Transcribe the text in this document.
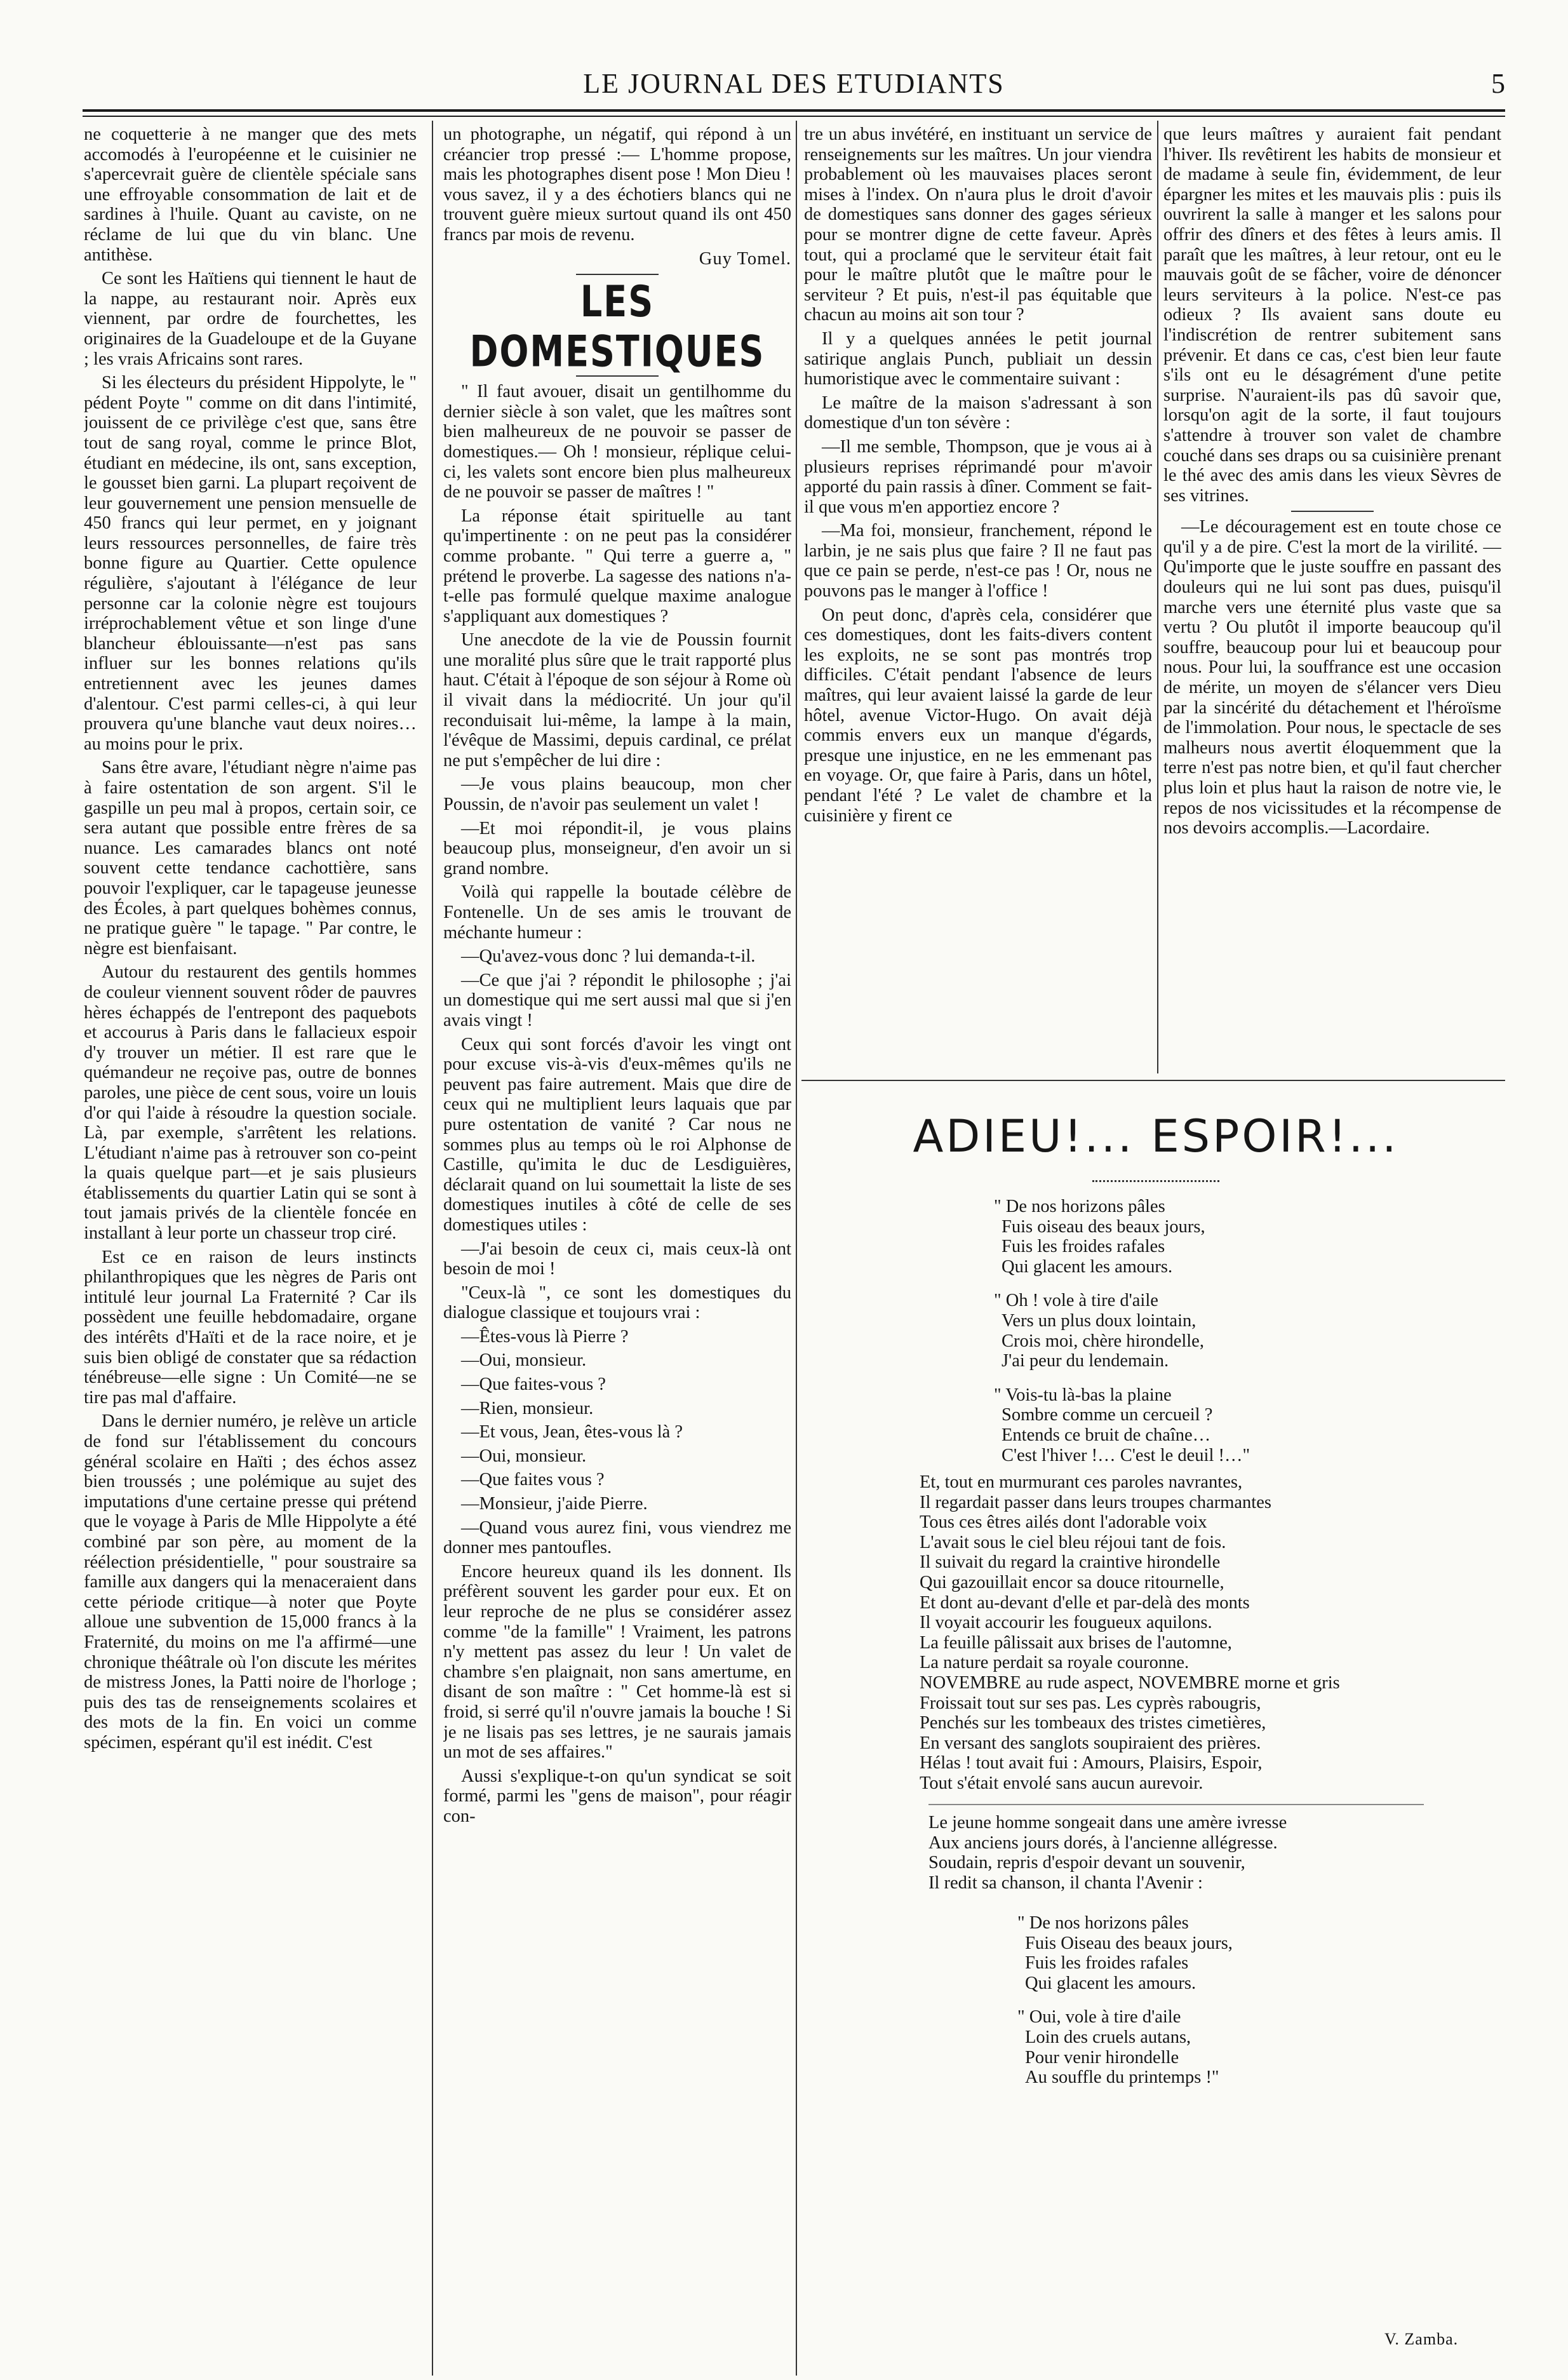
LE JOURNAL DES ETUDIANTS	5

ne coquetterie à ne manger que des mets accomodés à l'européenne et le cuisinier ne s'apercevrait guère de clientèle spéciale sans une effroyable consommation de lait et de sardines à l'huile. Quant au caviste, on ne réclame de lui que du vin blanc. Une antithèse.

Ce sont les Haïtiens qui tiennent le haut de la nappe, au restaurant noir. Après eux viennent, par ordre de fourchettes, les originaires de la Guadeloupe et de la Guyane ; les vrais Africains sont rares.

Si les électeurs du président Hippolyte, le " pédent Poyte " comme on dit dans l'intimité, jouissent de ce privilège c'est que, sans être tout de sang royal, comme le prince Blot, étudiant en médecine, ils ont, sans exception, le gousset bien garni. La plupart reçoivent de leur gouvernement une pension mensuelle de 450 francs qui leur permet, en y joignant leurs ressources personnelles, de faire très bonne figure au Quartier. Cette opulence régulière, s'ajoutant à l'élégance de leur personne car la colonie nègre est toujours irréprochablement vêtue et son linge d'une blancheur éblouissante—n'est pas sans influer sur les bonnes relations qu'ils entretiennent avec les jeunes dames d'alentour. C'est parmi celles-ci, à qui leur prouvera qu'une blanche vaut deux noires… au moins pour le prix.

Sans être avare, l'étudiant nègre n'aime pas à faire ostentation de son argent. S'il le gaspille un peu mal à propos, certain soir, ce sera autant que possible entre frères de sa nuance. Les camarades blancs ont noté souvent cette tendance cachottière, sans pouvoir l'expliquer, car le tapageuse jeunesse des Écoles, à part quelques bohèmes connus, ne pratique guère " le tapage. " Par contre, le nègre est bienfaisant.

Autour du restaurent des gentils hommes de couleur viennent souvent rôder de pauvres hères échappés de l'entrepont des paquebots et accourus à Paris dans le fallacieux espoir d'y trouver un métier. Il est rare que le quémandeur ne reçoive pas, outre de bonnes paroles, une pièce de cent sous, voire un louis d'or qui l'aide à résoudre la question sociale. Là, par exemple, s'arrêtent les relations. L'étudiant n'aime pas à retrouver son co-peint la quais quelque part—et je sais plusieurs établissements du quartier Latin qui se sont à tout jamais privés de la clientèle foncée en installant à leur porte un chasseur trop ciré.

Est ce en raison de leurs instincts philanthropiques que les nègres de Paris ont intitulé leur journal La Fraternité ? Car ils possèdent une feuille hebdomadaire, organe des intérêts d'Haïti et de la race noire, et je suis bien obligé de constater que sa rédaction ténébreuse—elle signe : Un Comité—ne se tire pas mal d'affaire.

Dans le dernier numéro, je relève un article de fond sur l'établissement du concours général scolaire en Haïti ; des échos assez bien troussés ; une polémique au sujet des imputations d'une certaine presse qui prétend que le voyage à Paris de Mlle Hippolyte a été combiné par son père, au moment de la réélection présidentielle, " pour soustraire sa famille aux dangers qui la menaceraient dans cette période critique—à noter que Poyte alloue une subvention de 15,000 francs à la Fraternité, du moins on me l'a affirmé—une chronique théâtrale où l'on discute les mérites de mistress Jones, la Patti noire de l'horloge ; puis des tas de renseignements scolaires et des mots de la fin. En voici un comme spécimen, espérant qu'il est inédit. C'est

un photographe, un négatif, qui répond à un créancier trop pressé :— L'homme propose, mais les photographes disent pose ! Mon Dieu ! vous savez, il y a des échotiers blancs qui ne trouvent guère mieux surtout quand ils ont 450 francs par mois de revenu.

Guy Tomel.

LES DOMESTIQUES

" Il faut avouer, disait un gentilhomme du dernier siècle à son valet, que les maîtres sont bien malheureux de ne pouvoir se passer de domestiques.— Oh ! monsieur, réplique celui-ci, les valets sont encore bien plus malheureux de ne pouvoir se passer de maîtres ! "

La réponse était spirituelle au tant qu'impertinente : on ne peut pas la considérer comme probante. " Qui terre a guerre a, " prétend le proverbe. La sagesse des nations n'a-t-elle pas formulé quelque maxime analogue s'appliquant aux domestiques ?

Une anecdote de la vie de Poussin fournit une moralité plus sûre que le trait rapporté plus haut. C'était à l'époque de son séjour à Rome où il vivait dans la médiocrité. Un jour qu'il reconduisait lui-même, la lampe à la main, l'évêque de Massimi, depuis cardinal, ce prélat ne put s'empêcher de lui dire :

—Je vous plains beaucoup, mon cher Poussin, de n'avoir pas seulement un valet !

—Et moi répondit-il, je vous plains beaucoup plus, monseigneur, d'en avoir un si grand nombre.

Voilà qui rappelle la boutade célèbre de Fontenelle. Un de ses amis le trouvant de méchante humeur :

—Qu'avez-vous donc ? lui demanda-t-il.

—Ce que j'ai ? répondit le philosophe ; j'ai un domestique qui me sert aussi mal que si j'en avais vingt !

Ceux qui sont forcés d'avoir les vingt ont pour excuse vis-à-vis d'eux-mêmes qu'ils ne peuvent pas faire autrement. Mais que dire de ceux qui ne multiplient leurs laquais que par pure ostentation de vanité ? Car nous ne sommes plus au temps où le roi Alphonse de Castille, qu'imita le duc de Lesdiguières, déclarait quand on lui soumettait la liste de ses domestiques inutiles à côté de celle de ses domestiques utiles :

—J'ai besoin de ceux ci, mais ceux-là ont besoin de moi !

"Ceux-là ", ce sont les domestiques du dialogue classique et toujours vrai :

—Êtes-vous là Pierre ?

—Oui, monsieur.

—Que faites-vous ?

—Rien, monsieur.

—Et vous, Jean, êtes-vous là ?

—Oui, monsieur.

—Que faites vous ?

—Monsieur, j'aide Pierre.

—Quand vous aurez fini, vous viendrez me donner mes pantoufles.

Encore heureux quand ils les donnent. Ils préfèrent souvent les garder pour eux. Et on leur reproche de ne plus se considérer assez comme "de la famille" ! Vraiment, les patrons n'y mettent pas assez du leur ! Un valet de chambre s'en plaignait, non sans amertume, en disant de son maître : " Cet homme-là est si froid, si serré qu'il n'ouvre jamais la bouche ! Si je ne lisais pas ses lettres, je ne saurais jamais un mot de ses affaires."

Aussi s'explique-t-on qu'un syndicat se soit formé, parmi les "gens de maison", pour réagir con-

tre un abus invétéré, en instituant un service de renseignements sur les maîtres. Un jour viendra probablement où les mauvaises places seront mises à l'index. On n'aura plus le droit d'avoir de domestiques sans donner des gages sérieux pour se montrer digne de cette faveur. Après tout, qui a proclamé que le serviteur était fait pour le maître plutôt que le maître pour le serviteur ? Et puis, n'est-il pas équitable que chacun au moins ait son tour ?

Il y a quelques années le petit journal satirique anglais Punch, publiait un dessin humoristique avec le commentaire suivant :

Le maître de la maison s'adressant à son domestique d'un ton sévère :

—Il me semble, Thompson, que je vous ai à plusieurs reprises réprimandé pour m'avoir apporté du pain rassis à dîner. Comment se fait-il que vous m'en apportiez encore ?

—Ma foi, monsieur, franchement, répond le larbin, je ne sais plus que faire ? Il ne faut pas que ce pain se perde, n'est-ce pas ! Or, nous ne pouvons pas le manger à l'office !

On peut donc, d'après cela, considérer que ces domestiques, dont les faits-divers content les exploits, ne se sont pas montrés trop difficiles. C'était pendant l'absence de leurs maîtres, qui leur avaient laissé la garde de leur hôtel, avenue Victor-Hugo. On avait déjà commis envers eux un manque d'égards, presque une injustice, en ne les emmenant pas en voyage. Or, que faire à Paris, dans un hôtel, pendant l'été ? Le valet de chambre et la cuisinière y firent ce

que leurs maîtres y auraient fait pendant l'hiver. Ils revêtirent les habits de monsieur et de madame à seule fin, évidemment, de leur épargner les mites et les mauvais plis : puis ils ouvrirent la salle à manger et les salons pour offrir des dîners et des fêtes à leurs amis. Il paraît que les maîtres, à leur retour, ont eu le mauvais goût de se fâcher, voire de dénoncer leurs serviteurs à la police. N'est-ce pas odieux ? Ils avaient sans doute eu l'indiscrétion de rentrer subitement sans prévenir. Et dans ce cas, c'est bien leur faute s'ils ont eu le désagrément d'une petite surprise. N'auraient-ils pas dû savoir que, lorsqu'on agit de la sorte, il faut toujours s'attendre à trouver son valet de chambre couché dans ses draps ou sa cuisinière prenant le thé avec des amis dans les vieux Sèvres de ses vitrines.

—Le découragement est en toute chose ce qu'il y a de pire. C'est la mort de la virilité. —Qu'importe que le juste souffre en passant des douleurs qui ne lui sont pas dues, puisqu'il marche vers une éternité plus vaste que sa vertu ? Ou plutôt il importe beaucoup qu'il souffre, beaucoup pour lui et beaucoup pour nous. Pour lui, la souffrance est une occasion de mérite, un moyen de s'élancer vers Dieu par la sincérité du détachement et l'héroïsme de l'immolation. Pour nous, le spectacle de ses malheurs nous avertit éloquemment que la terre n'est pas notre bien, et qu'il faut chercher plus loin et plus haut la raison de notre vie, le repos de nos vicissitudes et la récompense de nos devoirs accomplis.—Lacordaire.

ADIEU!... ESPOIR!...
" De nos horizons pâles
Fuis oiseau des beaux jours,
Fuis les froides rafales
Qui glacent les amours.
" Oh ! vole à tire d'aile
Vers un plus doux lointain,
Crois moi, chère hirondelle,
J'ai peur du lendemain.
" Vois-tu là-bas la plaine
Sombre comme un cercueil ?
Entends ce bruit de chaîne…
C'est l'hiver !… C'est le deuil !…"
Et, tout en murmurant ces paroles navrantes,
Il regardait passer dans leurs troupes charmantes
Tous ces êtres ailés dont l'adorable voix
L'avait sous le ciel bleu réjoui tant de fois.
Il suivait du regard la craintive hirondelle
Qui gazouillait encor sa douce ritournelle,
Et dont au-devant d'elle et par-delà des monts
Il voyait accourir les fougueux aquilons.
La feuille pâlissait aux brises de l'automne,
La nature perdait sa royale couronne.
NOVEMBRE au rude aspect, NOVEMBRE morne et gris
Froissait tout sur ses pas. Les cyprès rabougris,
Penchés sur les tombeaux des tristes cimetières,
En versant des sanglots soupiraient des prières.
Hélas ! tout avait fui : Amours, Plaisirs, Espoir,
Tout s'était envolé sans aucun aurevoir.
Le jeune homme songeait dans une amère ivresse
Aux anciens jours dorés, à l'ancienne allégresse.
Soudain, repris d'espoir devant un souvenir,
Il redit sa chanson, il chanta l'Avenir :
" De nos horizons pâles
Fuis Oiseau des beaux jours,
Fuis les froides rafales
Qui glacent les amours.
" Oui, vole à tire d'aile
Loin des cruels autans,
Pour venir hirondelle
Au souffle du printemps !"
V. Zamba.
